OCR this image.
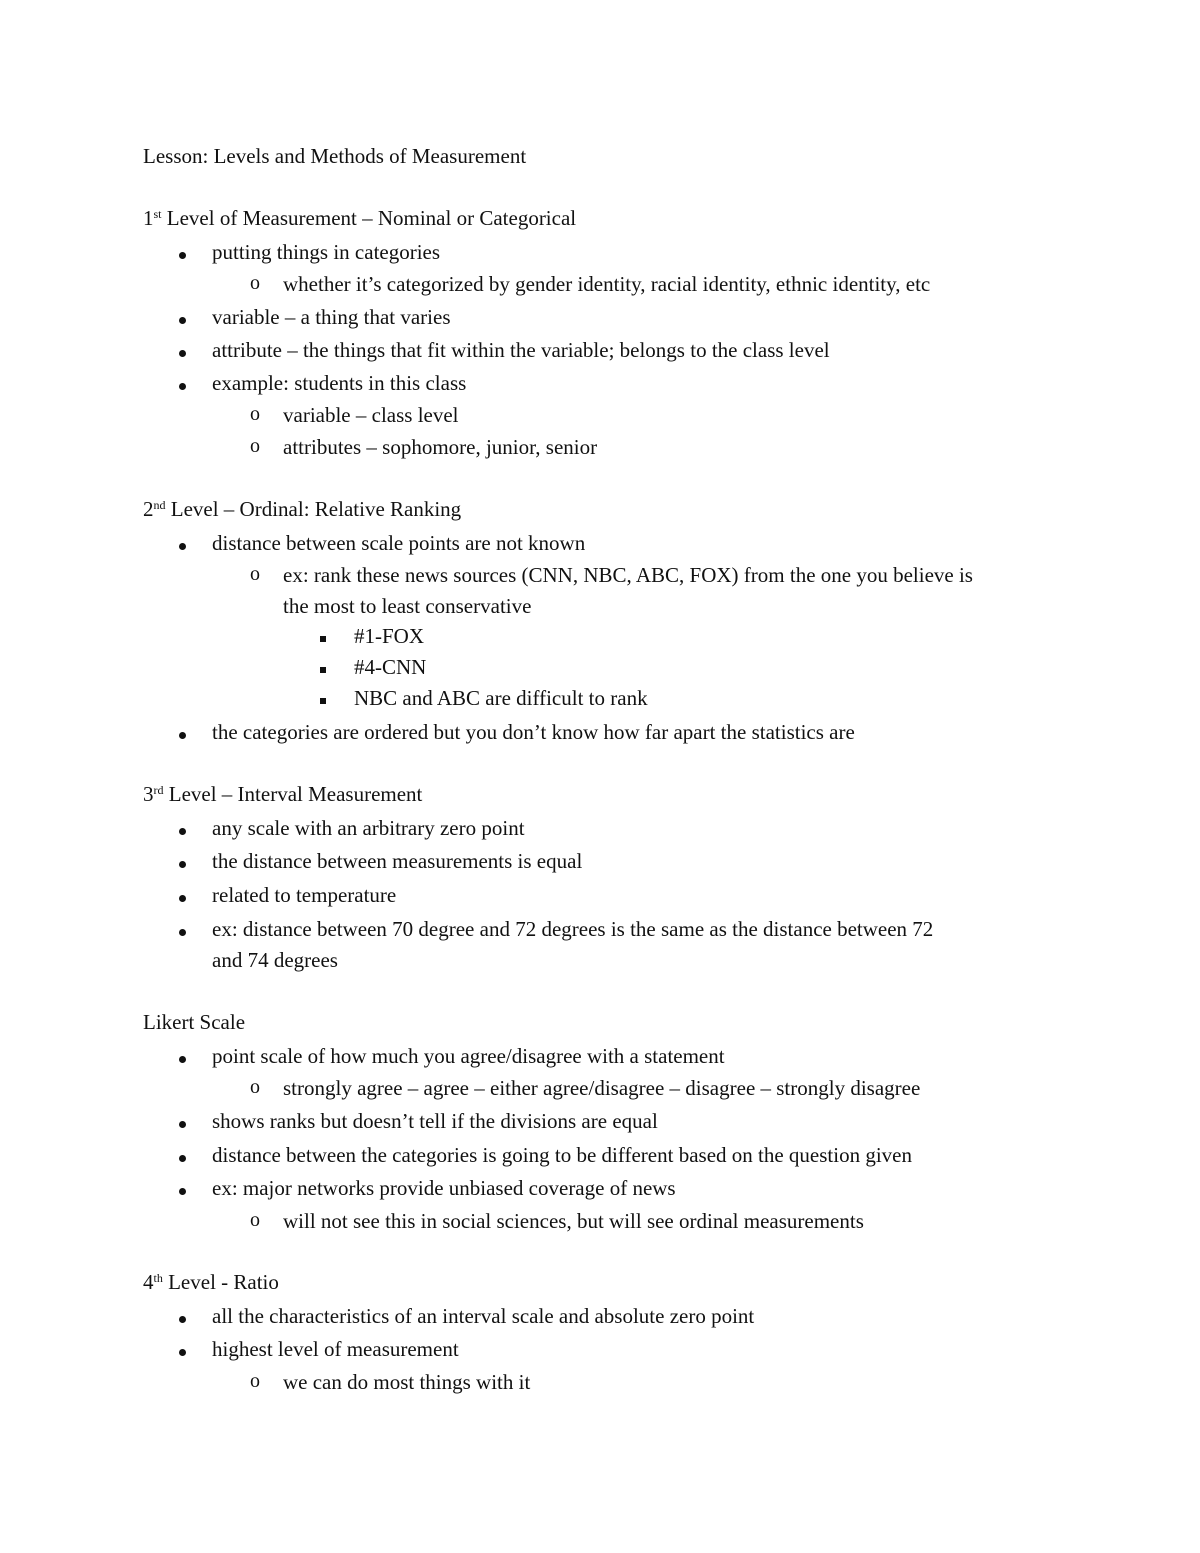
Lesson: Levels and Methods of Measurement
1st Level of Measurement – Nominal or Categorical
putting things in categories
o whether it’s categorized by gender identity, racial identity, ethnic identity, etc
variable – a thing that varies
attribute – the things that fit within the variable; belongs to the class level
example: students in this class
o variable – class level
o attributes – sophomore, junior, senior
2nd Level – Ordinal: Relative Ranking
distance between scale points are not known
o ex: rank these news sources (CNN, NBC, ABC, FOX) from the one you believe is
the most to least conservative
#1-FOX
#4-CNN
NBC and ABC are difficult to rank
the categories are ordered but you don’t know how far apart the statistics are
3rd Level – Interval Measurement
any scale with an arbitrary zero point
the distance between measurements is equal
related to temperature
ex: distance between 70 degree and 72 degrees is the same as the distance between 72
and 74 degrees
Likert Scale
point scale of how much you agree/disagree with a statement
o strongly agree – agree – either agree/disagree – disagree – strongly disagree
shows ranks but doesn’t tell if the divisions are equal
distance between the categories is going to be different based on the question given
ex: major networks provide unbiased coverage of news
o will not see this in social sciences, but will see ordinal measurements
4th Level - Ratio
all the characteristics of an interval scale and absolute zero point
highest level of measurement
o we can do most things with it
